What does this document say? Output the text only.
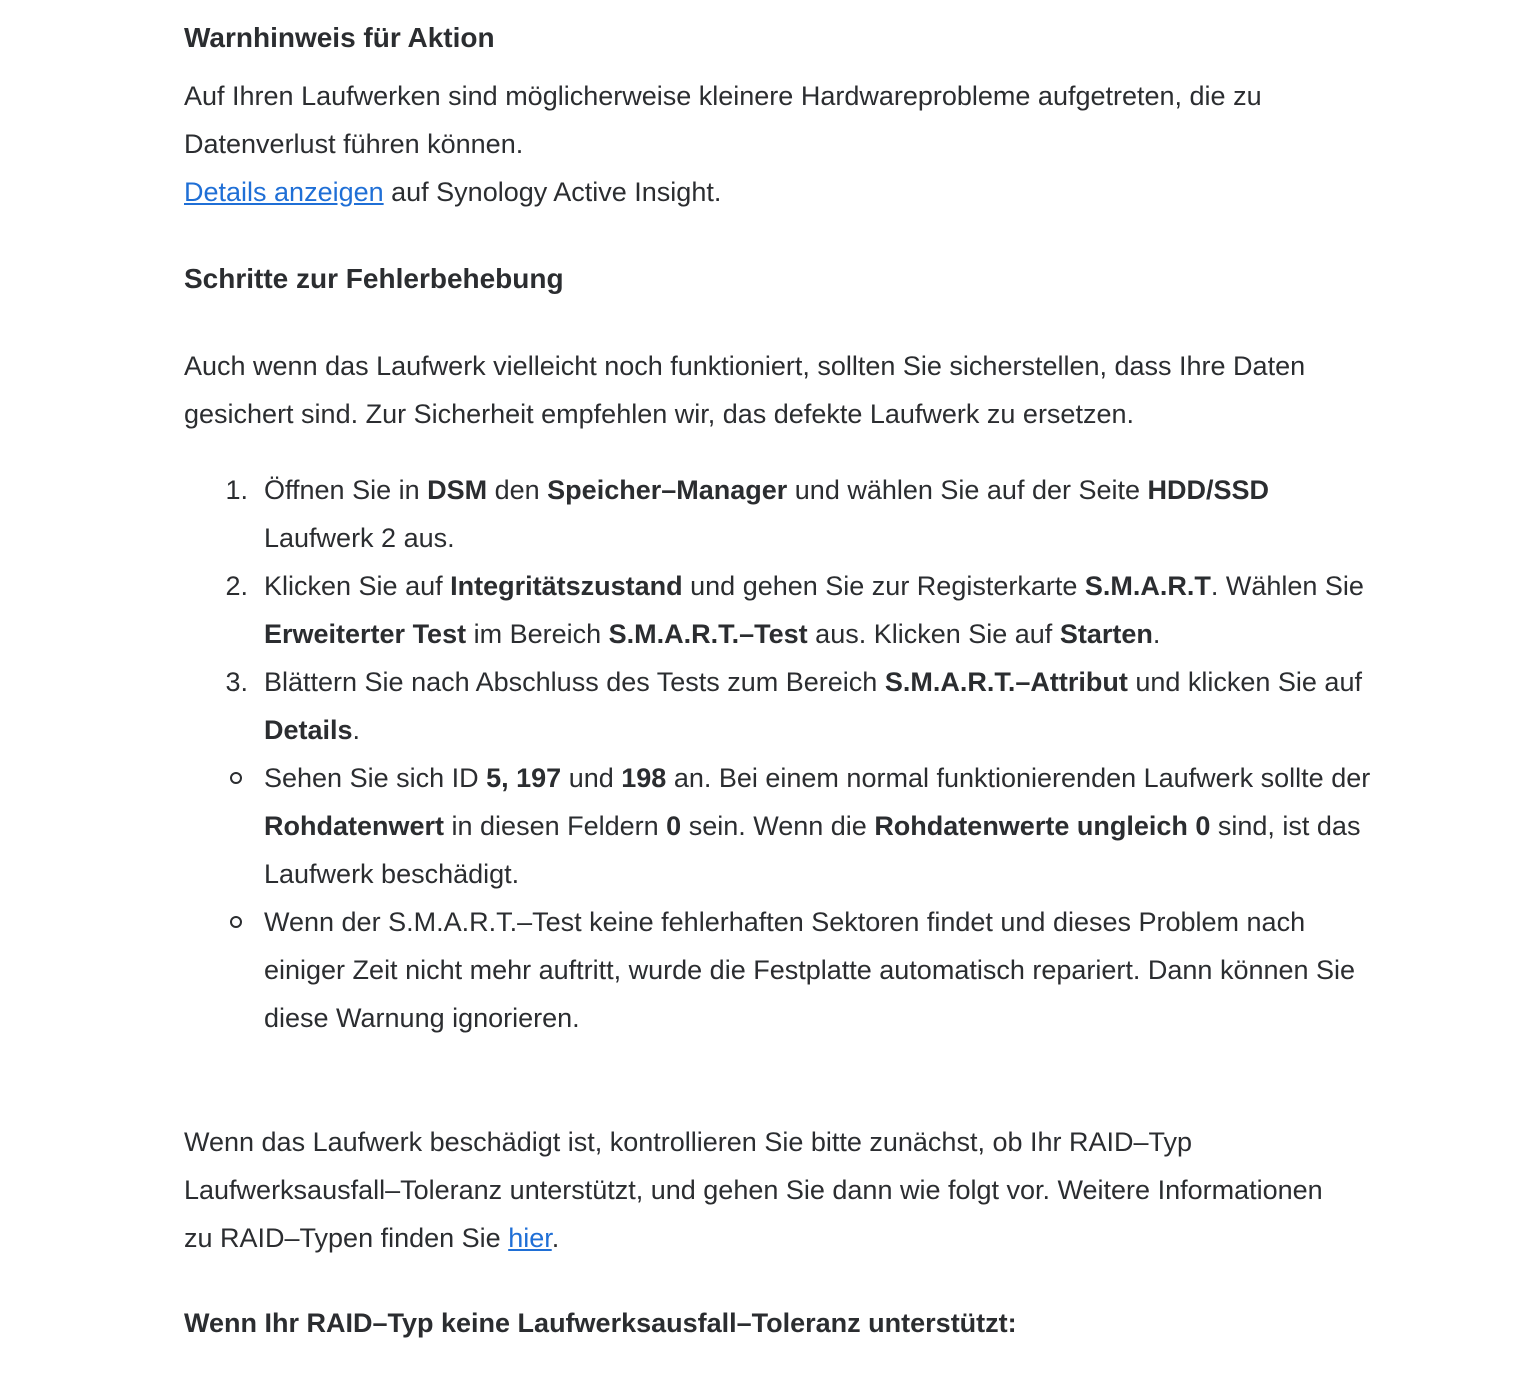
Warnhinweis für Aktion

Auf Ihren Laufwerken sind möglicherweise kleinere Hardwareprobleme aufgetreten, die zu Datenverlust führen können.

Details anzeigen auf Synology Active Insight.

Schritte zur Fehlerbehebung

Auch wenn das Laufwerk vielleicht noch funktioniert, sollten Sie sicherstellen, dass Ihre Daten gesichert sind. Zur Sicherheit empfehlen wir, das defekte Laufwerk zu ersetzen.

1. Öffnen Sie in DSM den Speicher–Manager und wählen Sie auf der Seite HDD/SSD Laufwerk 2 aus.
2. Klicken Sie auf Integritätszustand und gehen Sie zur Registerkarte S.M.A.R.T. Wählen Sie Erweiterter Test im Bereich S.M.A.R.T.–Test aus. Klicken Sie auf Starten.
3. Blättern Sie nach Abschluss des Tests zum Bereich S.M.A.R.T.–Attribut und klicken Sie auf Details.
Sehen Sie sich ID 5, 197 und 198 an. Bei einem normal funktionierenden Laufwerk sollte der Rohdatenwert in diesen Feldern 0 sein. Wenn die Rohdatenwerte ungleich 0 sind, ist das Laufwerk beschädigt.
Wenn der S.M.A.R.T.–Test keine fehlerhaften Sektoren findet und dieses Problem nach einiger Zeit nicht mehr auftritt, wurde die Festplatte automatisch repariert. Dann können Sie diese Warnung ignorieren.

Wenn das Laufwerk beschädigt ist, kontrollieren Sie bitte zunächst, ob Ihr RAID–Typ Laufwerksausfall–Toleranz unterstützt, und gehen Sie dann wie folgt vor. Weitere Informationen zu RAID–Typen finden Sie hier.

Wenn Ihr RAID–Typ keine Laufwerksausfall–Toleranz unterstützt:
